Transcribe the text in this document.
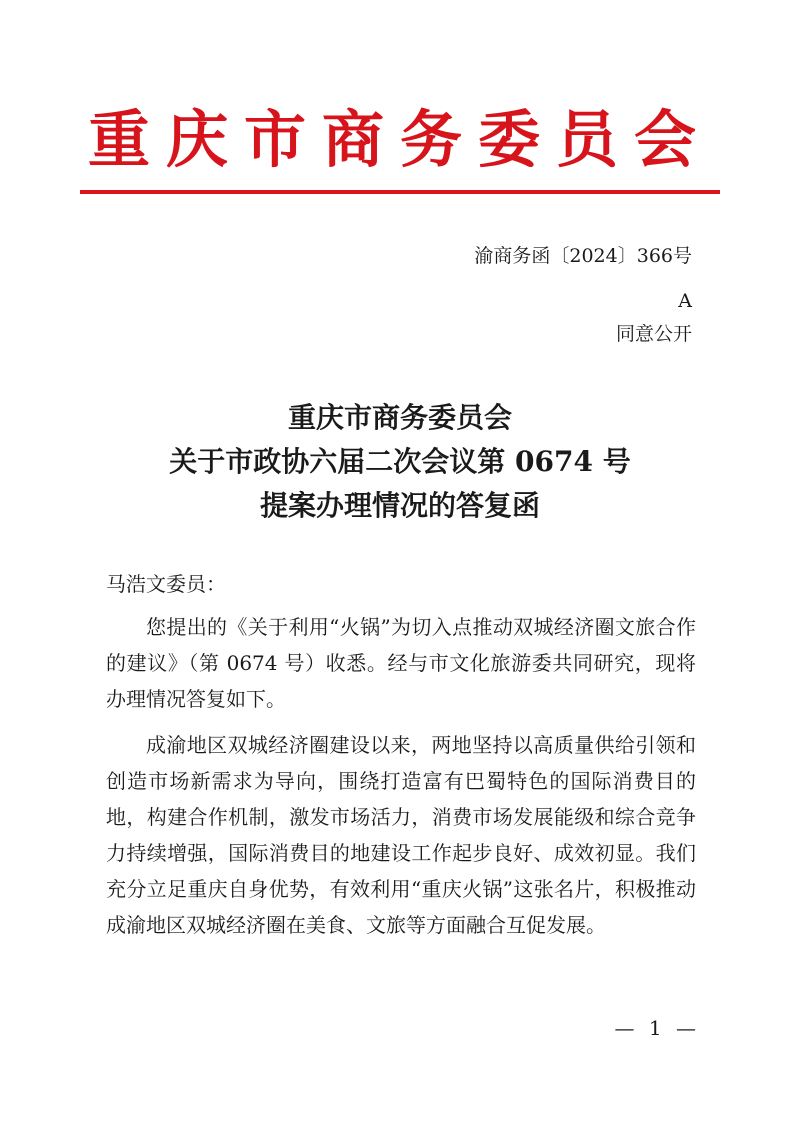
重庆市商务委员会
渝商务函〔2024〕366号
A
同意公开
重庆市商务委员会
关于市政协六届二次会议第 0674 号
提案办理情况的答复函
马浩文委员：

您提出的《关于利用“火锅”为切入点推动双城经济圈文旅合作的建议》（第 0674 号）收悉。经与市文化旅游委共同研究，现将办理情况答复如下。

成渝地区双城经济圈建设以来，两地坚持以高质量供给引领和创造市场新需求为导向，围绕打造富有巴蜀特色的国际消费目的地，构建合作机制，激发市场活力，消费市场发展能级和综合竞争力持续增强，国际消费目的地建设工作起步良好、成效初显。我们充分立足重庆自身优势，有效利用“重庆火锅”这张名片，积极推动成渝地区双城经济圈在美食、文旅等方面融合互促发展。

— 1 —
